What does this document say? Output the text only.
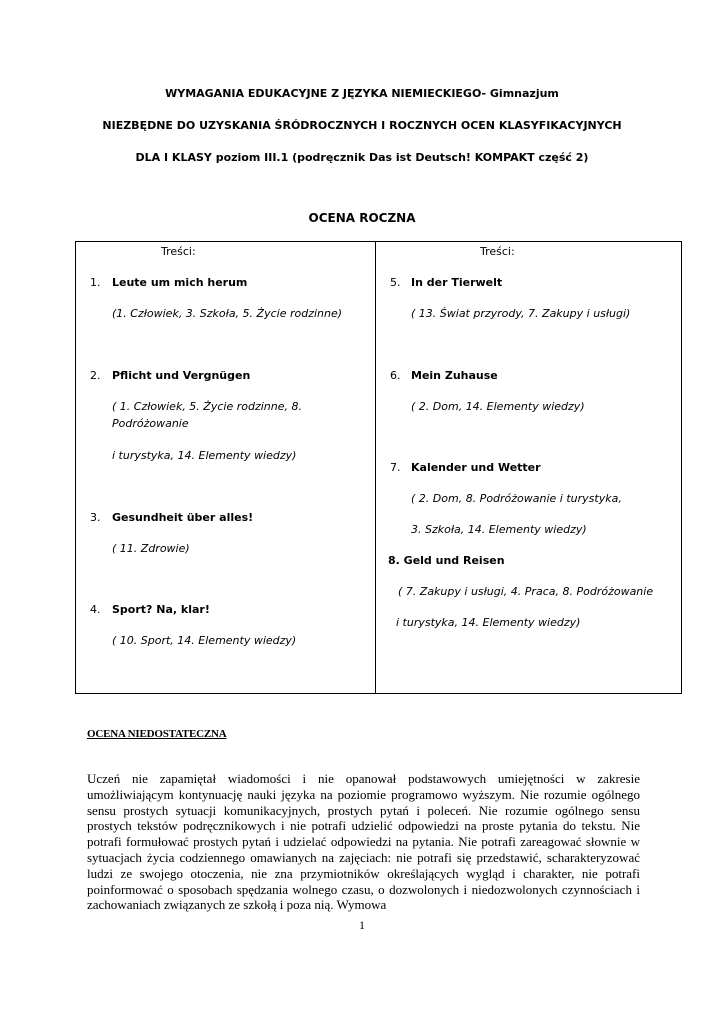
WYMAGANIA EDUKACYJNE Z JĘZYKA NIEMIECKIEGO- Gimnazjum
NIEZBĘDNE DO UZYSKANIA ŚRÓDROCZNYCH I ROCZNYCH OCEN KLASYFIKACYJNYCH
DLA I KLASY poziom III.1 (podręcznik Das ist Deutsch! KOMPAKT część 2)
OCENA ROCZNA
Treści:
1. Leute um mich herum
(1. Człowiek, 3. Szkoła, 5. Życie rodzinne)
2. Pflicht und Vergnügen
( 1. Człowiek, 5. Życie rodzinne, 8.
Podróżowanie
i turystyka, 14. Elementy wiedzy)
3. Gesundheit über alles!
( 11. Zdrowie)
4. Sport? Na, klar!
( 10. Sport, 14. Elementy wiedzy)
Treści:
5. In der Tierwelt
( 13. Świat przyrody, 7. Zakupy i usługi)
6. Mein Zuhause
( 2. Dom, 14. Elementy wiedzy)
7. Kalender und Wetter
( 2. Dom, 8. Podróżowanie i turystyka,
3. Szkoła, 14. Elementy wiedzy)
8. Geld und Reisen
( 7. Zakupy i usługi, 4. Praca, 8. Podróżowanie
i turystyka, 14. Elementy wiedzy)
OCENA NIEDOSTATECZNA

Uczeń nie zapamiętał wiadomości i nie opanował podstawowych umiejętności w zakresie umożliwiającym kontynuację nauki języka na poziomie programowo wyższym. Nie rozumie ogólnego sensu prostych sytuacji komunikacyjnych, prostych pytań i poleceń. Nie rozumie ogólnego sensu prostych tekstów podręcznikowych i nie potrafi udzielić odpowiedzi na proste pytania do tekstu. Nie potrafi formułować prostych pytań i udzielać odpowiedzi na pytania. Nie potrafi zareagować słownie w sytuacjach życia codziennego omawianych na zajęciach: nie potrafi się przedstawić, scharakteryzować ludzi ze swojego otoczenia, nie zna przymiotników określających wygląd i charakter, nie potrafi poinformować o sposobach spędzania wolnego czasu, o dozwolonych i niedozwolonych czynnościach i zachowaniach związanych ze szkołą i poza nią. Wymowa

1
